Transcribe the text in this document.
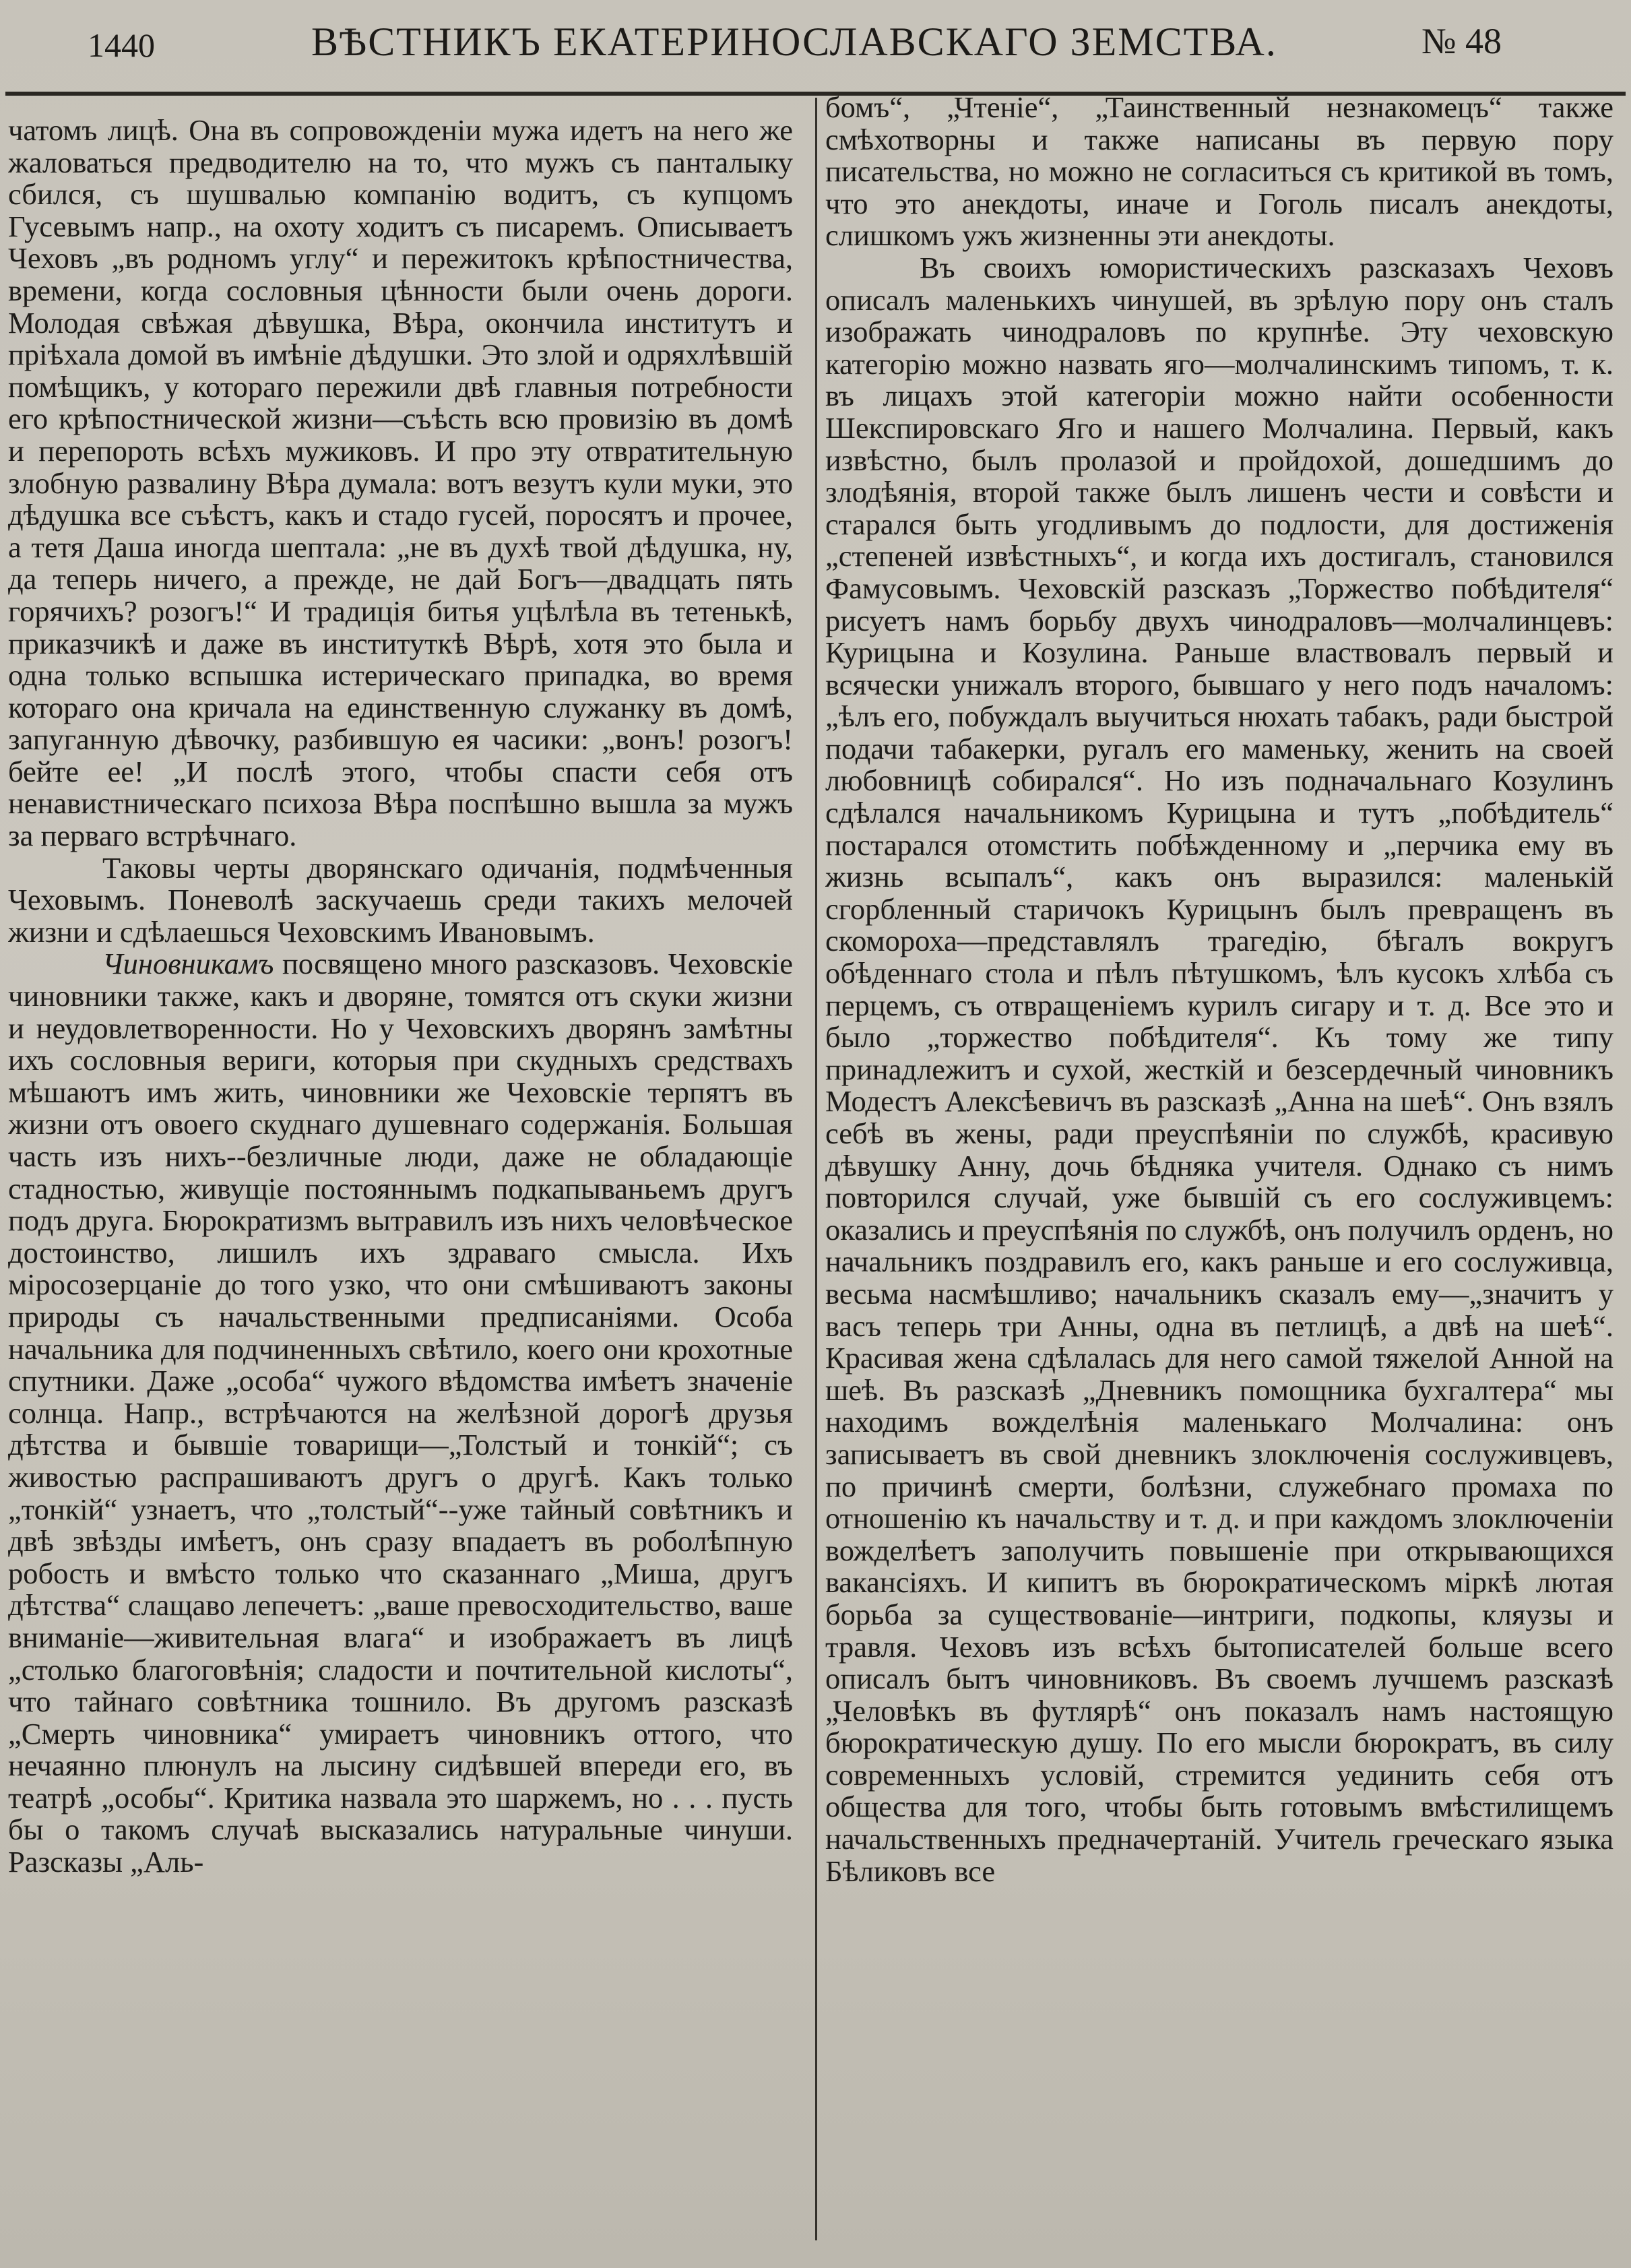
1440	ВѢСТНИКЪ ЕКАТЕРИНОСЛАВСКАГО ЗЕМСТВА.	№ 48

чатомъ лицѣ. Она въ сопровожденіи мужа идетъ на него же жаловаться предводителю на то, что мужъ съ панталыку сбился, съ шушвалью компанію водитъ, съ купцомъ Гусевымъ напр., на охоту ходитъ съ писаремъ. Описываетъ Чеховъ „въ родномъ углу“ и пережитокъ крѣпостничества, времени, когда сословныя цѣнности были очень дороги. Молодая свѣжая дѣвушка, Вѣра, окончила институтъ и пріѣхала домой въ имѣніе дѣдушки. Это злой и одряхлѣвшій помѣщикъ, у котораго пережили двѣ главныя потребности его крѣпостнической жизни—съѣсть всю провизію въ домѣ и перепороть всѣхъ мужиковъ. И про эту отвратительную злобную развалину Вѣра думала: вотъ везутъ кули муки, это дѣдушка все съѣстъ, какъ и стадо гусей, поросятъ и прочее, а тетя Даша иногда шептала: „не въ духѣ твой дѣдушка, ну, да теперь ничего, а прежде, не дай Богъ—двадцать пять горячихъ? розогъ!“ И традиція битья уцѣлѣла въ тетенькѣ, приказчикѣ и даже въ институткѣ Вѣрѣ, хотя это была и одна только вспышка истерическаго припадка, во время котораго она кричала на единственную служанку въ домѣ, запуганную дѣвочку, разбившую ея часики: „вонъ! розогъ! бейте ее! „И послѣ этого, чтобы спасти себя отъ ненавистническаго психоза Вѣра поспѣшно вышла за мужъ за перваго встрѣчнаго.

Таковы черты дворянскаго одичанія, подмѣченныя Чеховымъ. Поневолѣ заскучаешь среди такихъ мелочей жизни и сдѣлаешься Чеховскимъ Ивановымъ.

Чиновникамъ посвящено много разсказовъ. Чеховскіе чиновники также, какъ и дворяне, томятся отъ скуки жизни и неудовлетворенности. Но у Чеховскихъ дворянъ замѣтны ихъ сословныя вериги, которыя при скудныхъ средствахъ мѣшаютъ имъ жить, чиновники же Чеховскіе терпятъ въ жизни отъ овоего скуднаго душевнаго содержанія. Большая часть изъ нихъ--безличные люди, даже не обладающіе стадностью, живущіе постояннымъ подкапываньемъ другъ подъ друга. Бюрократизмъ вытравилъ изъ нихъ человѣческое достоинство, лишилъ ихъ здраваго смысла. Ихъ міросозерцаніе до того узко, что они смѣшиваютъ законы природы съ начальственными предписаніями. Особа начальника для подчиненныхъ свѣтило, коего они крохотные спутники. Даже „особа“ чужого вѣдомства имѣетъ значеніе солнца. Напр., встрѣчаются на желѣзной дорогѣ друзья дѣтства и бывшіе товарищи—„Толстый и тонкій“; съ живостью распрашиваютъ другъ о другѣ. Какъ только „тонкій“ узнаетъ, что „толстый“--уже тайный совѣтникъ и двѣ звѣзды имѣетъ, онъ сразу впадаетъ въ роболѣпную робость и вмѣсто только что сказаннаго „Миша, другъ дѣтства“ слащаво лепечетъ: „ваше превосходительство, ваше вниманіе—живительная влага“ и изображаетъ въ лицѣ „столько благоговѣнія; сладости и почтительной кислоты“, что тайнаго совѣтника тошнило. Въ другомъ разсказѣ „Смерть чиновника“ умираетъ чиновникъ оттого, что нечаянно плюнулъ на лысину сидѣвшей впереди его, въ театрѣ „особы“. Критика назвала это шаржемъ, но . . . пусть бы о такомъ случаѣ высказались натуральные чинуши. Разсказы „Аль-

бомъ“, „Чтеніе“, „Таинственный незнакомецъ“ также смѣхотворны и также написаны въ первую пору писательства, но можно не согласиться съ критикой въ томъ, что это анекдоты, иначе и Гоголь писалъ анекдоты, слишкомъ ужъ жизненны эти анекдоты.

Въ своихъ юмористическихъ разсказахъ Чеховъ описалъ маленькихъ чинушей, въ зрѣлую пору онъ сталъ изображать чинодраловъ по крупнѣе. Эту чеховскую категорію можно назвать яго—молчалинскимъ типомъ, т. к. въ лицахъ этой категоріи можно найти особенности Шекспировскаго Яго и нашего Молчалина. Первый, какъ извѣстно, былъ пролазой и пройдохой, дошедшимъ до злодѣянія, второй также былъ лишенъ чести и совѣсти и старался быть угодливымъ до подлости, для достиженія „степеней извѣстныхъ“, и когда ихъ достигалъ, становился Фамусовымъ. Чеховскій разсказъ „Торжество побѣдителя“ рисуетъ намъ борьбу двухъ чинодраловъ—молчалинцевъ: Курицына и Козулина. Раньше властвовалъ первый и всячески унижалъ второго, бывшаго у него подъ началомъ: „ѣлъ его, побуждалъ выучиться нюхать табакъ, ради быстрой подачи табакерки, ругалъ его маменьку, женить на своей любовницѣ собирался“. Но изъ подначальнаго Козулинъ сдѣлался начальникомъ Курицына и тутъ „побѣдитель“ постарался отомстить побѣжденному и „перчика ему въ жизнь всыпалъ“, какъ онъ выразился: маленькій сгорбленный старичокъ Курицынъ былъ превращенъ въ скомороха—представлялъ трагедію, бѣгалъ вокругъ обѣденнаго стола и пѣлъ пѣтушкомъ, ѣлъ кусокъ хлѣба съ перцемъ, съ отвращеніемъ курилъ сигару и т. д. Все это и было „торжество побѣдителя“. Къ тому же типу принадлежитъ и сухой, жесткій и безсердечный чиновникъ Модестъ Алексѣевичъ въ разсказѣ „Анна на шеѣ“. Онъ взялъ себѣ въ жены, ради преуспѣяніи по службѣ, красивую дѣвушку Анну, дочь бѣдняка учителя. Однако съ нимъ повторился случай, уже бывшій съ его сослуживцемъ: оказались и преуспѣянія по службѣ, онъ получилъ орденъ, но начальникъ поздравилъ его, какъ раньше и его сослуживца, весьма насмѣшливо; начальникъ сказалъ ему—„значитъ у васъ теперь три Анны, одна въ петлицѣ, а двѣ на шеѣ“. Красивая жена сдѣлалась для него самой тяжелой Анной на шеѣ. Въ разсказѣ „Дневникъ помощника бухгалтера“ мы находимъ вожделѣнія маленькаго Молчалина: онъ записываетъ въ свой дневникъ злоключенія сослуживцевъ, по причинѣ смерти, болѣзни, служебнаго промаха по отношенію къ начальству и т. д. и при каждомъ злоключеніи вожделѣетъ заполучить повышеніе при открывающихся вакансіяхъ. И кипитъ въ бюрократическомъ міркѣ лютая борьба за существованіе—интриги, подкопы, кляузы и травля. Чеховъ изъ всѣхъ бытописателей больше всего описалъ бытъ чиновниковъ. Въ своемъ лучшемъ разсказѣ „Человѣкъ въ футлярѣ“ онъ показалъ намъ настоящую бюрократическую душу. По его мысли бюрократъ, въ силу современныхъ условій, стремится уединить себя отъ общества для того, чтобы быть готовымъ вмѣстилищемъ начальственныхъ предначертаній. Учитель греческаго языка Бѣликовъ все
